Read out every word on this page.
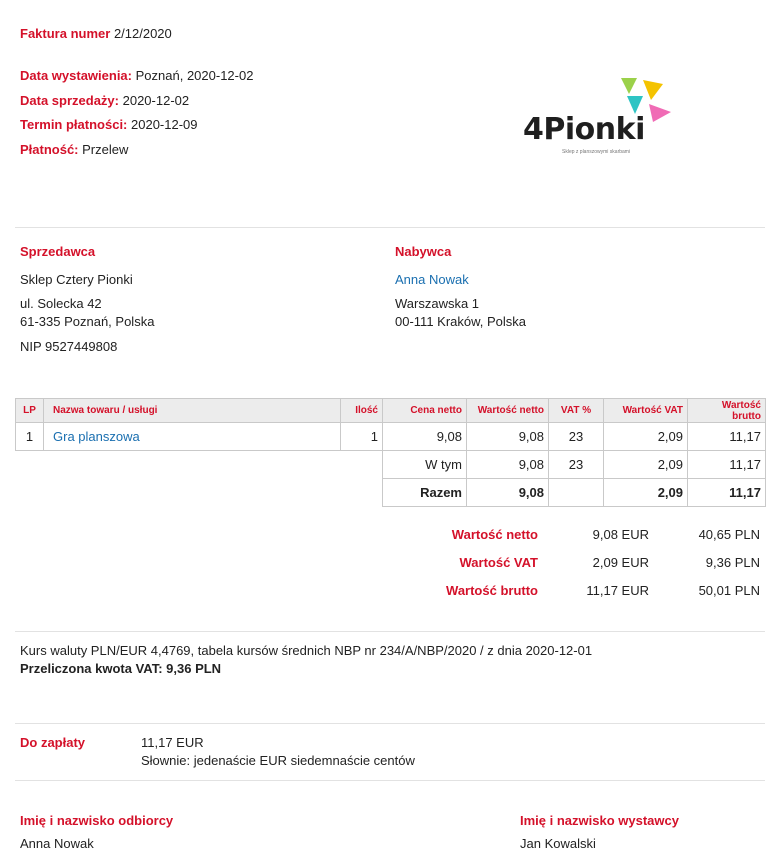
Faktura numer 2/12/2020
Data wystawienia: Poznań, 2020-12-02
Data sprzedaży: 2020-12-02
Termin płatności: 2020-12-09
Płatność: Przelew
4Pionki
Sklep z planszowymi skarbami
Sprzedawca
Sklep Cztery Pionki
ul. Solecka 42
61-335 Poznań, Polska
NIP 9527449808
Nabywca
Anna Nowak
Warszawska 1
00-111 Kraków, Polska
LP	Nazwa towaru / usługi	Ilość	Cena netto	Wartość netto	VAT %	Wartość VAT	Wartość brutto
1	Gra planszowa	1	9,08	9,08	23	2,09	11,17
			W tym	9,08	23	2,09	11,17
			Razem	9,08		2,09	11,17
Wartość netto	9,08 EUR	40,65 PLN
Wartość VAT	2,09 EUR	9,36 PLN
Wartość brutto	11,17 EUR	50,01 PLN
Kurs waluty PLN/EUR 4,4769, tabela kursów średnich NBP nr 234/A/NBP/2020 / z dnia 2020-12-01
Przeliczona kwota VAT: 9,36 PLN
Do zapłaty	11,17 EUR
Słownie: jedenaście EUR siedemnaście centów
Imię i nazwisko odbiorcy
Anna Nowak
Imię i nazwisko wystawcy
Jan Kowalski
